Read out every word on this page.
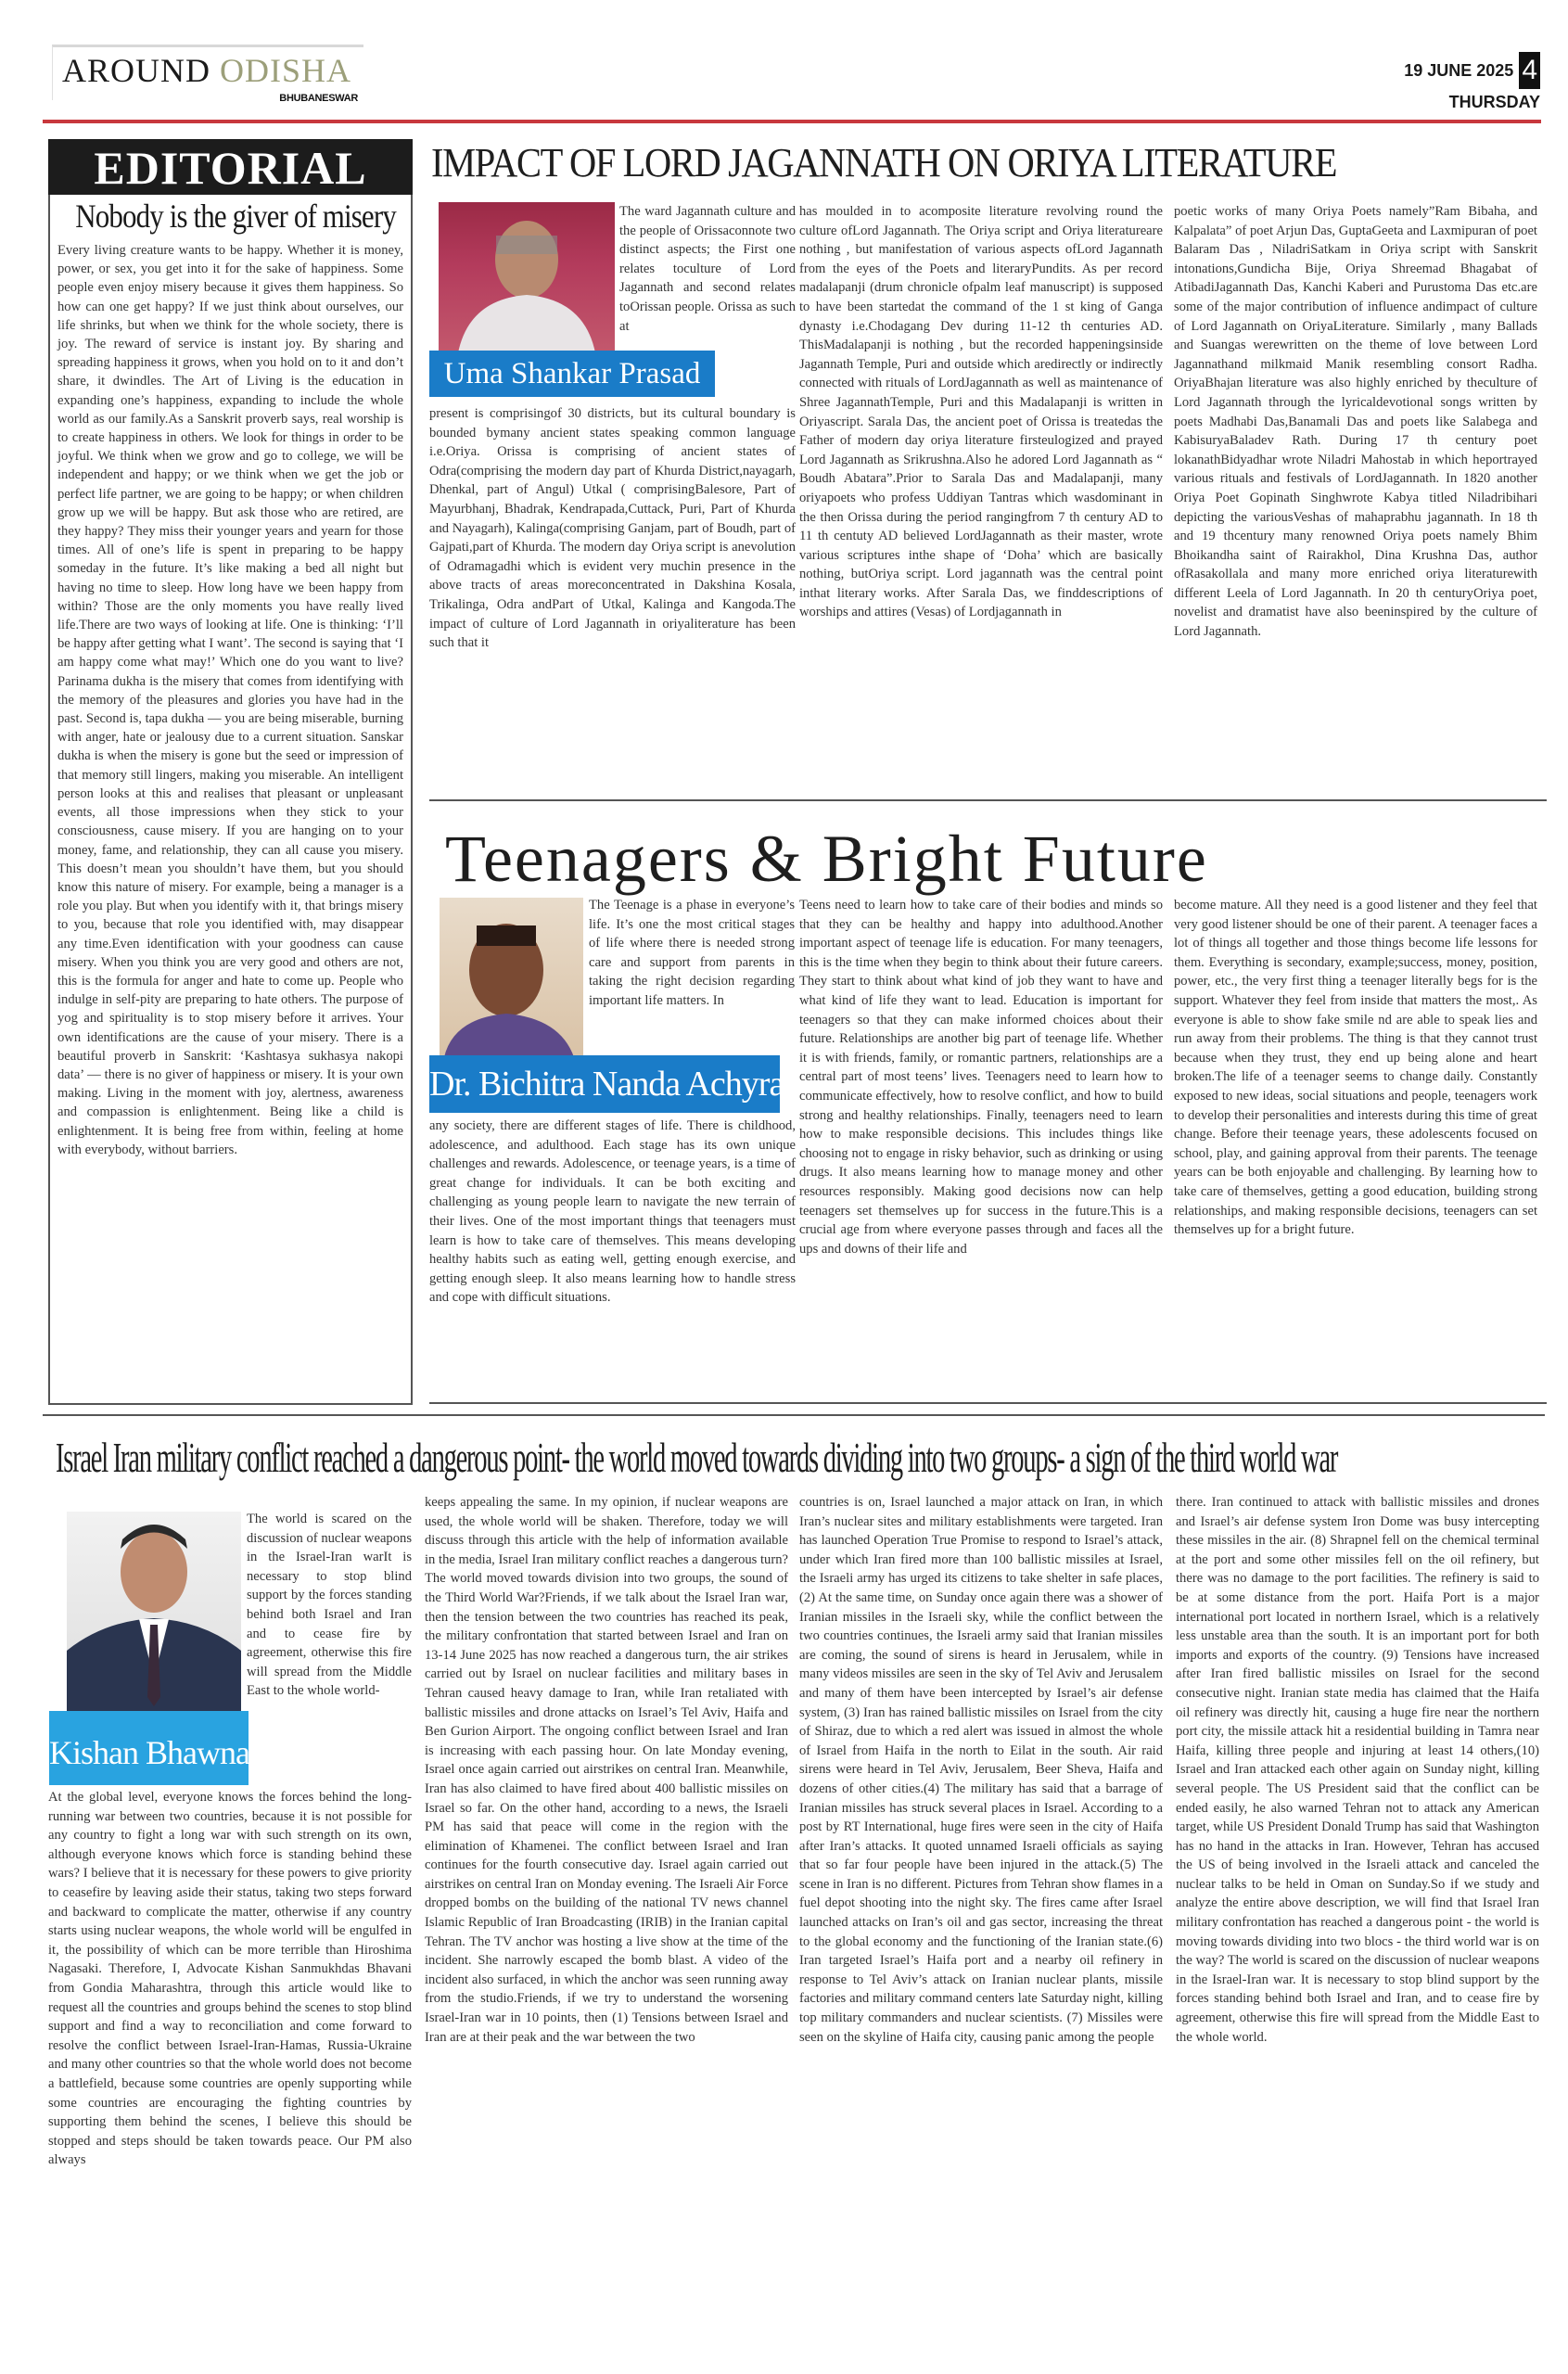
AROUND ODISHA
BHUBANESWAR
19 JUNE 2025 4
THURSDAY
EDITORIAL
Nobody is the giver of misery
Every living creature wants to be happy. Whether it is money, power, or sex, you get into it for the sake of happiness. Some people even enjoy misery because it gives them happiness. So how can one get happy? If we just think about ourselves, our life shrinks, but when we think for the whole society, there is joy. The reward of service is instant joy. By sharing and spreading happiness it grows, when you hold on to it and don’t share, it dwindles. The Art of Living is the education in expanding one’s happiness, expanding to include the whole world as our family.As a Sanskrit proverb says, real worship is to create happiness in others. We look for things in order to be joyful. We think when we grow and go to college, we will be independent and happy; or we think when we get the job or perfect life partner, we are going to be happy; or when children grow up we will be happy. But ask those who are retired, are they happy? They miss their younger years and yearn for those times. All of one’s life is spent in preparing to be happy someday in the future. It’s like making a bed all night but having no time to sleep. How long have we been happy from within? Those are the only moments you have really lived life.There are two ways of looking at life. One is thinking: ‘I’ll be happy after getting what I want’. The second is saying that ‘I am happy come what may!’ Which one do you want to live? Parinama dukha is the misery that comes from identifying with the memory of the pleasures and glories you have had in the past. Second is, tapa dukha — you are being miserable, burning with anger, hate or jealousy due to a current situation. Sanskar dukha is when the misery is gone but the seed or impression of that memory still lingers, making you miserable. An intelligent person looks at this and realises that pleasant or unpleasant events, all those impressions when they stick to your consciousness, cause misery. If you are hanging on to your money, fame, and relationship, they can all cause you misery. This doesn’t mean you shouldn’t have them, but you should know this nature of misery. For example, being a manager is a role you play. But when you identify with it, that brings misery to you, because that role you identified with, may disappear any time.Even identification with your goodness can cause misery. When you think you are very good and others are not, this is the formula for anger and hate to come up. People who indulge in self-pity are preparing to hate others. The purpose of yog and spirituality is to stop misery before it arrives. Your own identifications are the cause of your misery. There is a beautiful proverb in Sanskrit: ‘Kashtasya sukhasya nakopi data’ — there is no giver of happiness or misery. It is your own making. Living in the moment with joy, alertness, awareness and compassion is enlightenment. Being like a child is enlightenment. It is being free from within, feeling at home with everybody, without barriers.
IMPACT OF LORD JAGANNATH ON ORIYA LITERATURE
Uma Shankar Prasad
The ward Jagannath culture and the people of Orissaconnote two distinct aspects; the First one relates toculture of Lord Jagannath and second relates toOrissan people. Orissa as such at
present is comprisingof 30 districts, but its cultural boundary is bounded bymany ancient states speaking common language i.e.Oriya. Orissa is comprising of ancient states of Odra(comprising the modern day part of Khurda District,nayagarh, Dhenkal, part of Angul) Utkal ( comprisingBalesore, Part of Mayurbhanj, Bhadrak, Kendrapada,Cuttack, Puri, Part of Khurda and Nayagarh), Kalinga(comprising Ganjam, part of Boudh, part of Gajpati,part of Khurda. The modern day Oriya script is anevolution of Odramagadhi which is evident very muchin presence in the above tracts of areas moreconcentrated in Dakshina Kosala, Trikalinga, Odra andPart of Utkal, Kalinga and Kangoda.The impact of culture of Lord Jagannath in oriyaliterature has been such that it
has moulded in to acomposite literature revolving round the culture ofLord Jagannath. The Oriya script and Oriya literatureare nothing , but manifestation of various aspects ofLord Jagannath from the eyes of the Poets and literaryPundits. As per record madalapanji (drum chronicle ofpalm leaf manuscript) is supposed to have been startedat the command of the 1 st king of Ganga dynasty i.e.Chodagang Dev during 11-12 th centuries AD. ThisMadalapanji is nothing , but the recorded happeningsinside Jagannath Temple, Puri and outside which aredirectly or indirectly connected with rituals of LordJagannath as well as maintenance of Shree JagannathTemple, Puri and this Madalapanji is written in Oriyascript. Sarala Das, the ancient poet of Orissa is treatedas the Father of modern day oriya literature firsteulogized and prayed Lord Jagannath as Srikrushna.Also he adored Lord Jagannath as “ Boudh Abatara”.Prior to Sarala Das and Madalapanji, many oriyapoets who profess Uddiyan Tantras which wasdominant in the then Orissa during the period rangingfrom 7 th century AD to 11 th centuty AD believed LordJagannath as their master, wrote various scriptures inthe shape of ‘Doha’ which are basically nothing, butOriya script. Lord jagannath was the central point inthat literary works. After Sarala Das, we finddescriptions of worships and attires (Vesas) of Lordjagannath in
poetic works of many Oriya Poets namely”Ram Bibaha, and Kalpalata” of poet Arjun Das, GuptaGeeta and Laxmipuran of poet Balaram Das , NiladriSatkam in Oriya script with Sanskrit intonations,Gundicha Bije, Oriya Shreemad Bhagabat of AtibadiJagannath Das, Kanchi Kaberi and Purustoma Das etc.are some of the major contribution of influence andimpact of culture of Lord Jagannath on OriyaLiterature. Similarly , many Ballads and Suangas werewritten on the theme of love between Lord Jagannathand milkmaid Manik resembling consort Radha. OriyaBhajan literature was also highly enriched by theculture of Lord Jagannath through the lyricaldevotional songs written by poets Madhabi Das,Banamali Das and poets like Salabega and KabisuryaBaladev Rath. During 17 th century poet lokanathBidyadhar wrote Niladri Mahostab in which heportrayed various rituals and festivals of LordJagannath. In 1820 another Oriya Poet Gopinath Singhwrote Kabya titled Niladribihari depicting the variousVeshas of mahaprabhu jagannath. In 18 th and 19 thcentury many renowned Oriya poets namely Bhim Bhoikandha saint of Rairakhol, Dina Krushna Das, author ofRasakollala and many more enriched oriya literaturewith different Leela of Lord Jagannath. In 20 th centuryOriya poet, novelist and dramatist have also beeninspired by the culture of Lord Jagannath.
Teenagers & Bright Future
Dr. Bichitra Nanda Achyra
The Teenage is a phase in everyone’s life. It’s one the most critical stages of life where there is needed strong care and support from parents in taking the right decision regarding important life matters. In
any society, there are different stages of life. There is childhood, adolescence, and adulthood. Each stage has its own unique challenges and rewards. Adolescence, or teenage years, is a time of great change for individuals. It can be both exciting and challenging as young people learn to navigate the new terrain of their lives. One of the most important things that teenagers must learn is how to take care of themselves. This means developing healthy habits such as eating well, getting enough exercise, and getting enough sleep. It also means learning how to handle stress and cope with difficult situations.
Teens need to learn how to take care of their bodies and minds so that they can be healthy and happy into adulthood.Another important aspect of teenage life is education. For many teenagers, this is the time when they begin to think about their future careers. They start to think about what kind of job they want to have and what kind of life they want to lead. Education is important for teenagers so that they can make informed choices about their future. Relationships are another big part of teenage life. Whether it is with friends, family, or romantic partners, relationships are a central part of most teens’ lives. Teenagers need to learn how to communicate effectively, how to resolve conflict, and how to build strong and healthy relationships. Finally, teenagers need to learn how to make responsible decisions. This includes things like choosing not to engage in risky behavior, such as drinking or using drugs. It also means learning how to manage money and other resources responsibly. Making good decisions now can help teenagers set themselves up for success in the future.This is a crucial age from where everyone passes through and faces all the ups and downs of their life and
become mature. All they need is a good listener and they feel that very good listener should be one of their parent. A teenager faces a lot of things all together and those things become life lessons for them. Everything is secondary, example;success, money, position, power, etc., the very first thing a teenager literally begs for is the support. Whatever they feel from inside that matters the most,. As everyone is able to show fake smile nd are able to speak lies and run away from their problems. The thing is that they cannot trust because when they trust, they end up being alone and heart broken.The life of a teenager seems to change daily. Constantly exposed to new ideas, social situations and people, teenagers work to develop their personalities and interests during this time of great change. Before their teenage years, these adolescents focused on school, play, and gaining approval from their parents. The teenage years can be both enjoyable and challenging. By learning how to take care of themselves, getting a good education, building strong relationships, and making responsible decisions, teenagers can set themselves up for a bright future.
Israel Iran military conflict reached a dangerous point- the world moved towards dividing into two groups- a sign of the third world war
Kishan Bhawnani
The world is scared on the discussion of nuclear weapons in the Israel-Iran warIt is necessary to stop blind support by the forces standing behind both Israel and Iran and to cease fire by agreement, otherwise this fire will spread from the Middle East to the whole world-
At the global level, everyone knows the forces behind the long-running war between two countries, because it is not possible for any country to fight a long war with such strength on its own, although everyone knows which force is standing behind these wars? I believe that it is necessary for these powers to give priority to ceasefire by leaving aside their status, taking two steps forward and backward to complicate the matter, otherwise if any country starts using nuclear weapons, the whole world will be engulfed in it, the possibility of which can be more terrible than Hiroshima Nagasaki. Therefore, I, Advocate Kishan Sanmukhdas Bhavani from Gondia Maharashtra, through this article would like to request all the countries and groups behind the scenes to stop blind support and find a way to reconciliation and come forward to resolve the conflict between Israel-Iran-Hamas, Russia-Ukraine and many other countries so that the whole world does not become a battlefield, because some countries are openly supporting while some countries are encouraging the fighting countries by supporting them behind the scenes, I believe this should be stopped and steps should be taken towards peace. Our PM also always
keeps appealing the same. In my opinion, if nuclear weapons are used, the whole world will be shaken. Therefore, today we will discuss through this article with the help of information available in the media, Israel Iran military conflict reaches a dangerous turn? The world moved towards division into two groups, the sound of the Third World War?Friends, if we talk about the Israel Iran war, then the tension between the two countries has reached its peak, the military confrontation that started between Israel and Iran on 13-14 June 2025 has now reached a dangerous turn, the air strikes carried out by Israel on nuclear facilities and military bases in Tehran caused heavy damage to Iran, while Iran retaliated with ballistic missiles and drone attacks on Israel’s Tel Aviv, Haifa and Ben Gurion Airport. The ongoing conflict between Israel and Iran is increasing with each passing hour. On late Monday evening, Israel once again carried out airstrikes on central Iran. Meanwhile, Iran has also claimed to have fired about 400 ballistic missiles on Israel so far. On the other hand, according to a news, the Israeli PM has said that peace will come in the region with the elimination of Khamenei. The conflict between Israel and Iran continues for the fourth consecutive day. Israel again carried out airstrikes on central Iran on Monday evening. The Israeli Air Force dropped bombs on the building of the national TV news channel Islamic Republic of Iran Broadcasting (IRIB) in the Iranian capital Tehran. The TV anchor was hosting a live show at the time of the incident. She narrowly escaped the bomb blast. A video of the incident also surfaced, in which the anchor was seen running away from the studio.Friends, if we try to understand the worsening Israel-Iran war in 10 points, then (1) Tensions between Israel and Iran are at their peak and the war between the two
countries is on, Israel launched a major attack on Iran, in which Iran’s nuclear sites and military establishments were targeted. Iran has launched Operation True Promise to respond to Israel’s attack, under which Iran fired more than 100 ballistic missiles at Israel, the Israeli army has urged its citizens to take shelter in safe places, (2) At the same time, on Sunday once again there was a shower of Iranian missiles in the Israeli sky, while the conflict between the two countries continues, the Israeli army said that Iranian missiles are coming, the sound of sirens is heard in Jerusalem, while in many videos missiles are seen in the sky of Tel Aviv and Jerusalem and many of them have been intercepted by Israel’s air defense system, (3) Iran has rained ballistic missiles on Israel from the city of Shiraz, due to which a red alert was issued in almost the whole of Israel from Haifa in the north to Eilat in the south. Air raid sirens were heard in Tel Aviv, Jerusalem, Beer Sheva, Haifa and dozens of other cities.(4) The military has said that a barrage of Iranian missiles has struck several places in Israel. According to a post by RT International, huge fires were seen in the city of Haifa after Iran’s attacks. It quoted unnamed Israeli officials as saying that so far four people have been injured in the attack.(5) The scene in Iran is no different. Pictures from Tehran show flames in a fuel depot shooting into the night sky. The fires came after Israel launched attacks on Iran’s oil and gas sector, increasing the threat to the global economy and the functioning of the Iranian state.(6) Iran targeted Israel’s Haifa port and a nearby oil refinery in response to Tel Aviv’s attack on Iranian nuclear plants, missile factories and military command centers late Saturday night, killing top military commanders and nuclear scientists. (7) Missiles were seen on the skyline of Haifa city, causing panic among the people
there. Iran continued to attack with ballistic missiles and drones and Israel’s air defense system Iron Dome was busy intercepting these missiles in the air. (8) Shrapnel fell on the chemical terminal at the port and some other missiles fell on the oil refinery, but there was no damage to the port facilities. The refinery is said to be at some distance from the port. Haifa Port is a major international port located in northern Israel, which is a relatively less unstable area than the south. It is an important port for both imports and exports of the country. (9) Tensions have increased after Iran fired ballistic missiles on Israel for the second consecutive night. Iranian state media has claimed that the Haifa oil refinery was directly hit, causing a huge fire near the northern port city, the missile attack hit a residential building in Tamra near Haifa, killing three people and injuring at least 14 others,(10) Israel and Iran attacked each other again on Sunday night, killing several people. The US President said that the conflict can be ended easily, he also warned Tehran not to attack any American target, while US President Donald Trump has said that Washington has no hand in the attacks in Iran. However, Tehran has accused the US of being involved in the Israeli attack and canceled the nuclear talks to be held in Oman on Sunday.So if we study and analyze the entire above description, we will find that Israel Iran military confrontation has reached a dangerous point - the world is moving towards dividing into two blocs - the third world war is on the way? The world is scared on the discussion of nuclear weapons in the Israel-Iran war. It is necessary to stop blind support by the forces standing behind both Israel and Iran, and to cease fire by agreement, otherwise this fire will spread from the Middle East to the whole world.
